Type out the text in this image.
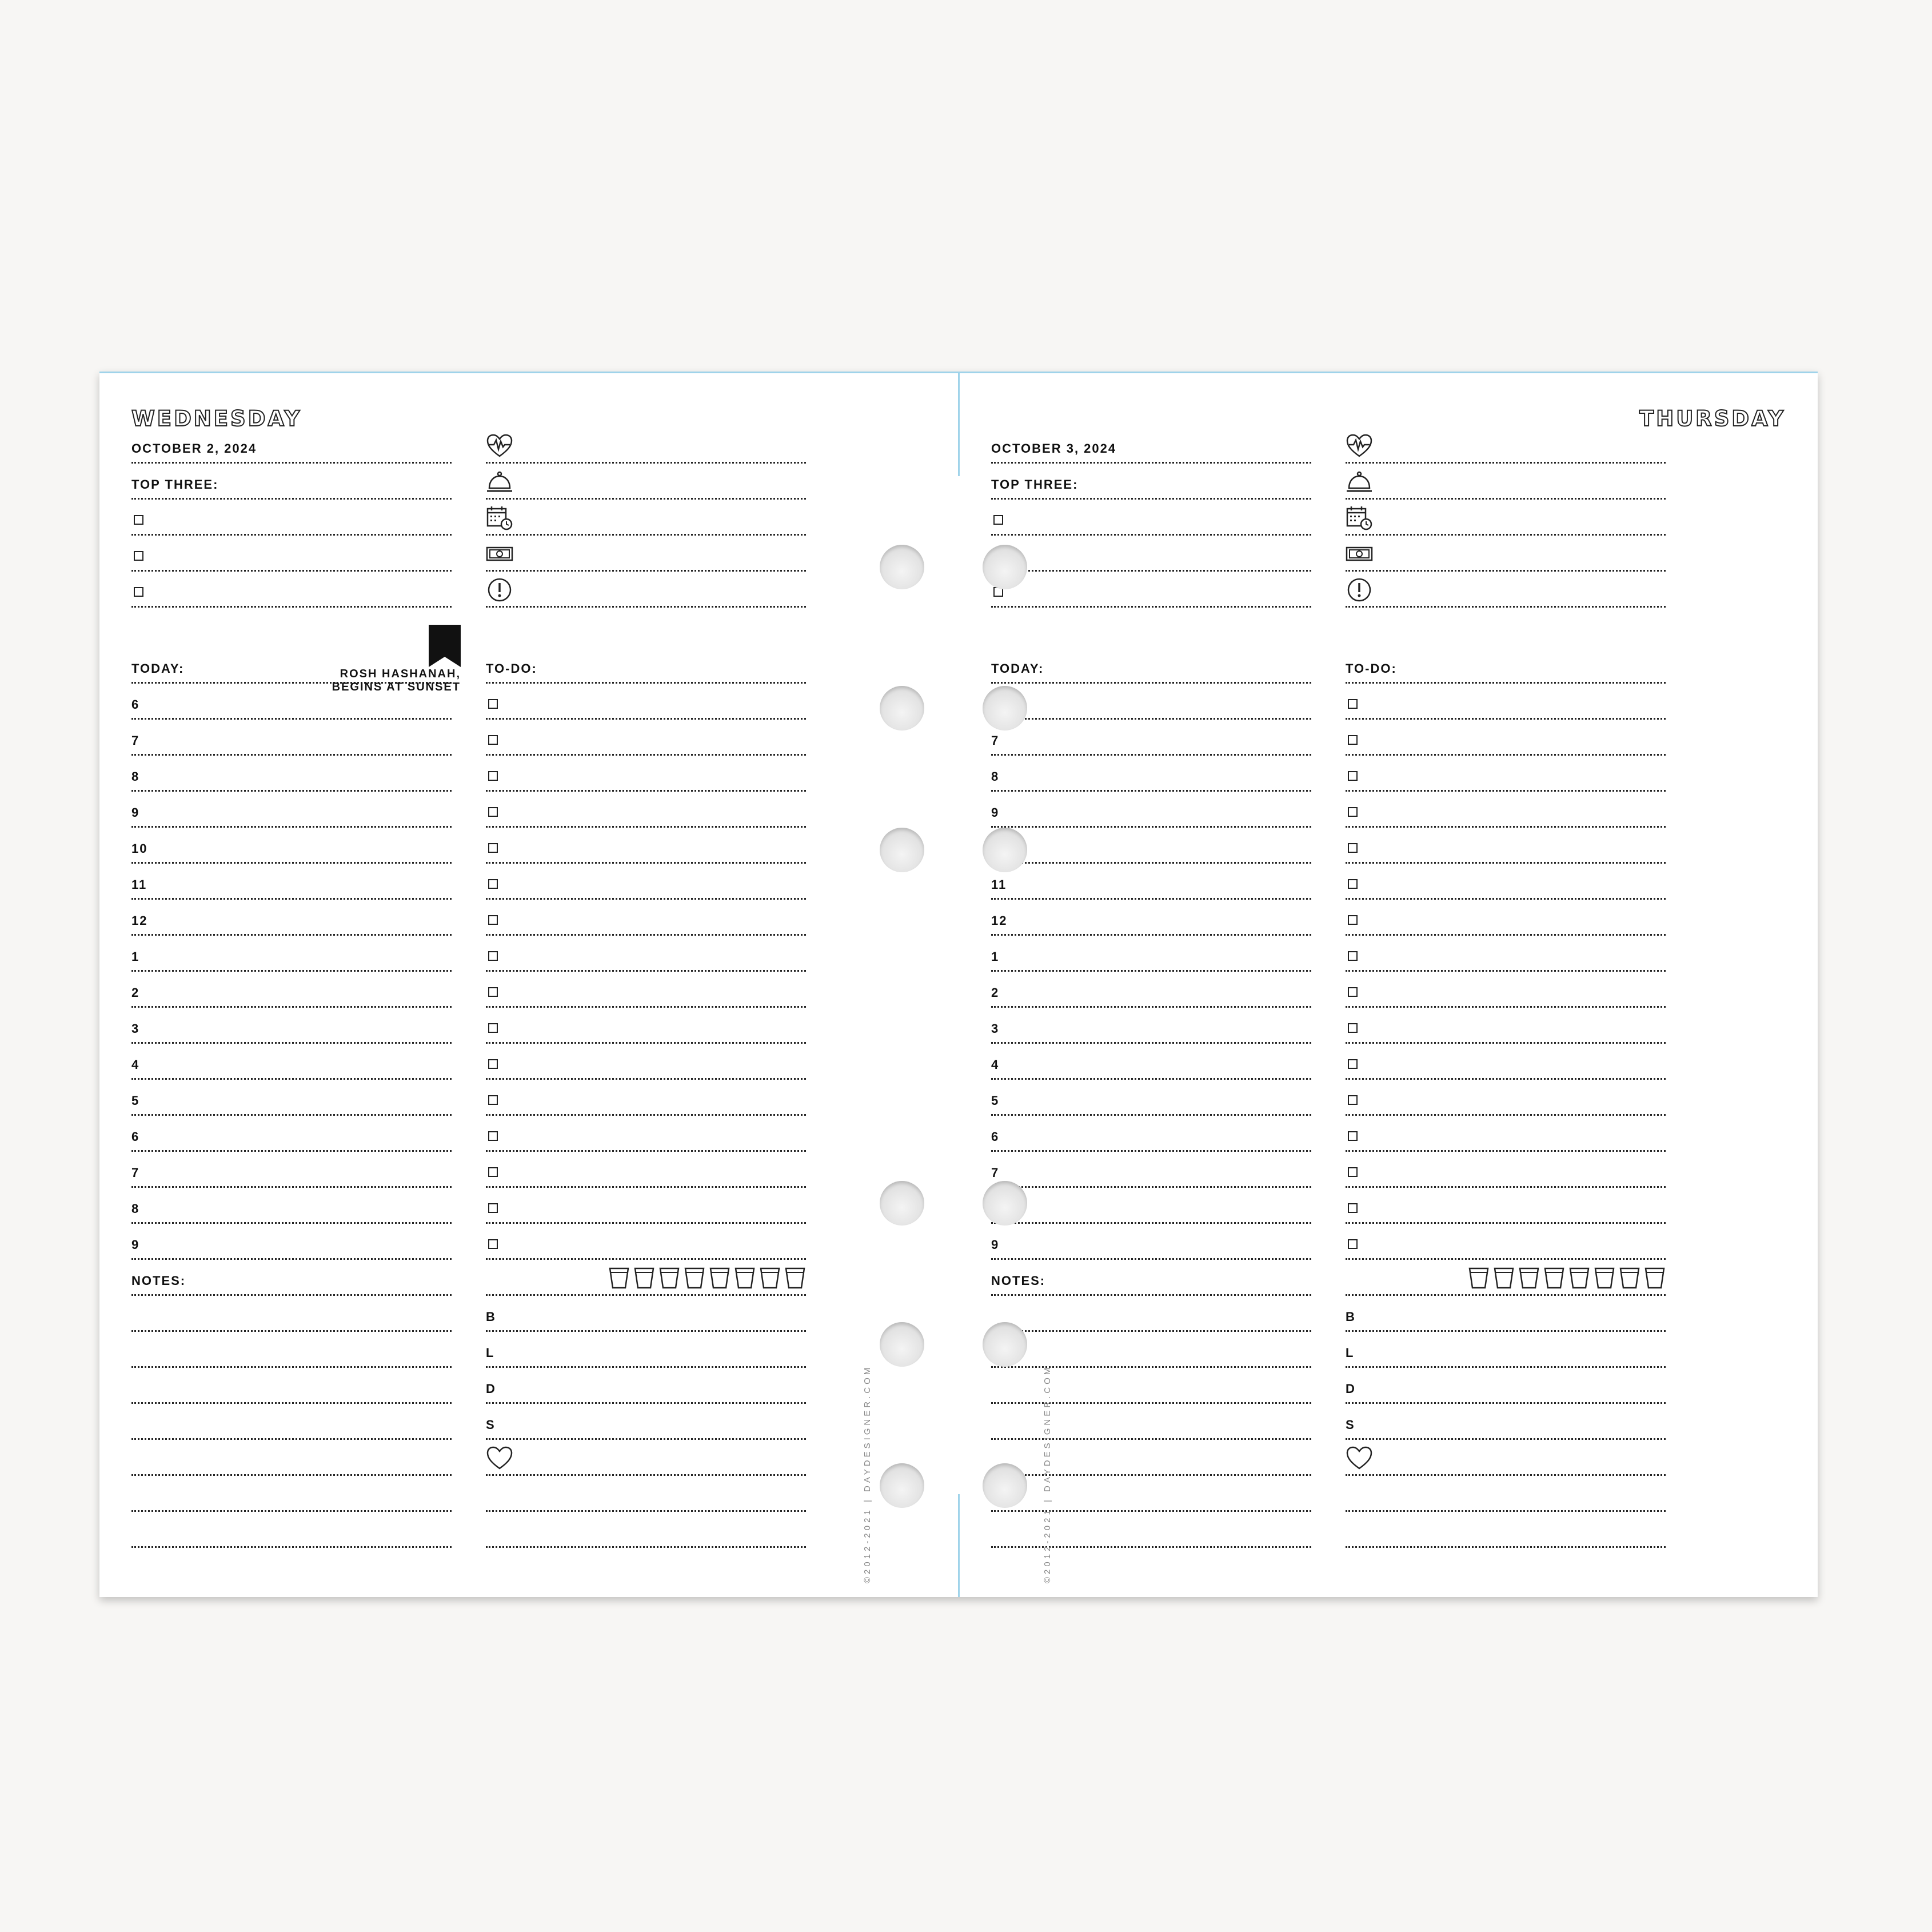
WEDNESDAY
OCTOBER 2, 2024
TOP THREE:
TODAY:
6
7
8
9
10
11
12
1
2
3
4
5
6
7
8
9
NOTES:
TO-DO:
B
L
D
S
ROSH HASHANAH,
BEGINS AT SUNSET
©2012-2021 | DAYDESIGNER.COM
THURSDAY
OCTOBER 3, 2024
TOP THREE:
TODAY:
7
8
9
11
12
1
2
3
4
5
6
7
9
NOTES:
TO-DO:
B
L
D
S
©2012-2021 | DAYDESIGNER.COM
